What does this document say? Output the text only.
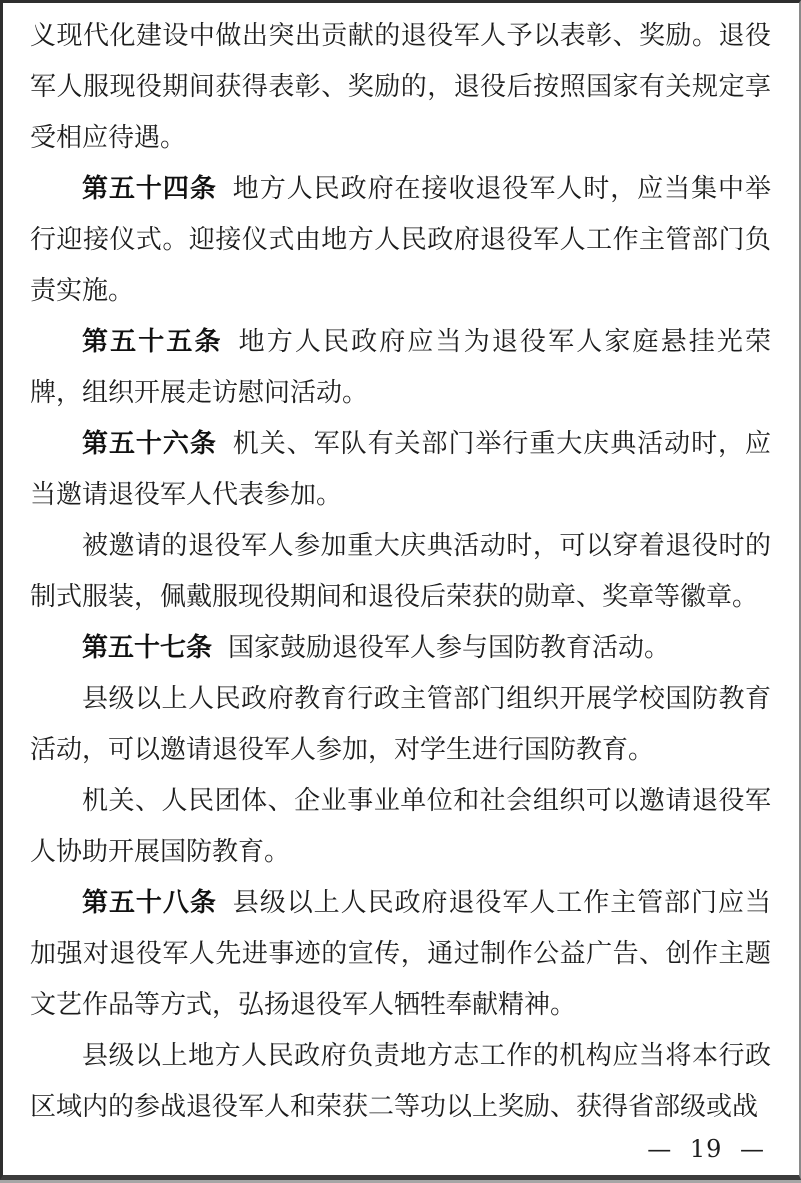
义现代化建设中做出突出贡献的退役军人予以表彰、奖励。退役军人服现役期间获得表彰、奖励的，退役后按照国家有关规定享受相应待遇。

第五十四条 地方人民政府在接收退役军人时，应当集中举行迎接仪式。迎接仪式由地方人民政府退役军人工作主管部门负责实施。

第五十五条 地方人民政府应当为退役军人家庭悬挂光荣牌，组织开展走访慰问活动。

第五十六条 机关、军队有关部门举行重大庆典活动时，应当邀请退役军人代表参加。

被邀请的退役军人参加重大庆典活动时，可以穿着退役时的制式服装，佩戴服现役期间和退役后荣获的勋章、奖章等徽章。

第五十七条 国家鼓励退役军人参与国防教育活动。

县级以上人民政府教育行政主管部门组织开展学校国防教育活动，可以邀请退役军人参加，对学生进行国防教育。

机关、人民团体、企业事业单位和社会组织可以邀请退役军人协助开展国防教育。

第五十八条 县级以上人民政府退役军人工作主管部门应当加强对退役军人先进事迹的宣传，通过制作公益广告、创作主题文艺作品等方式，弘扬退役军人牺牲奉献精神。

县级以上地方人民政府负责地方志工作的机构应当将本行政区域内的参战退役军人和荣获二等功以上奖励、获得省部级或战

— 19 —
